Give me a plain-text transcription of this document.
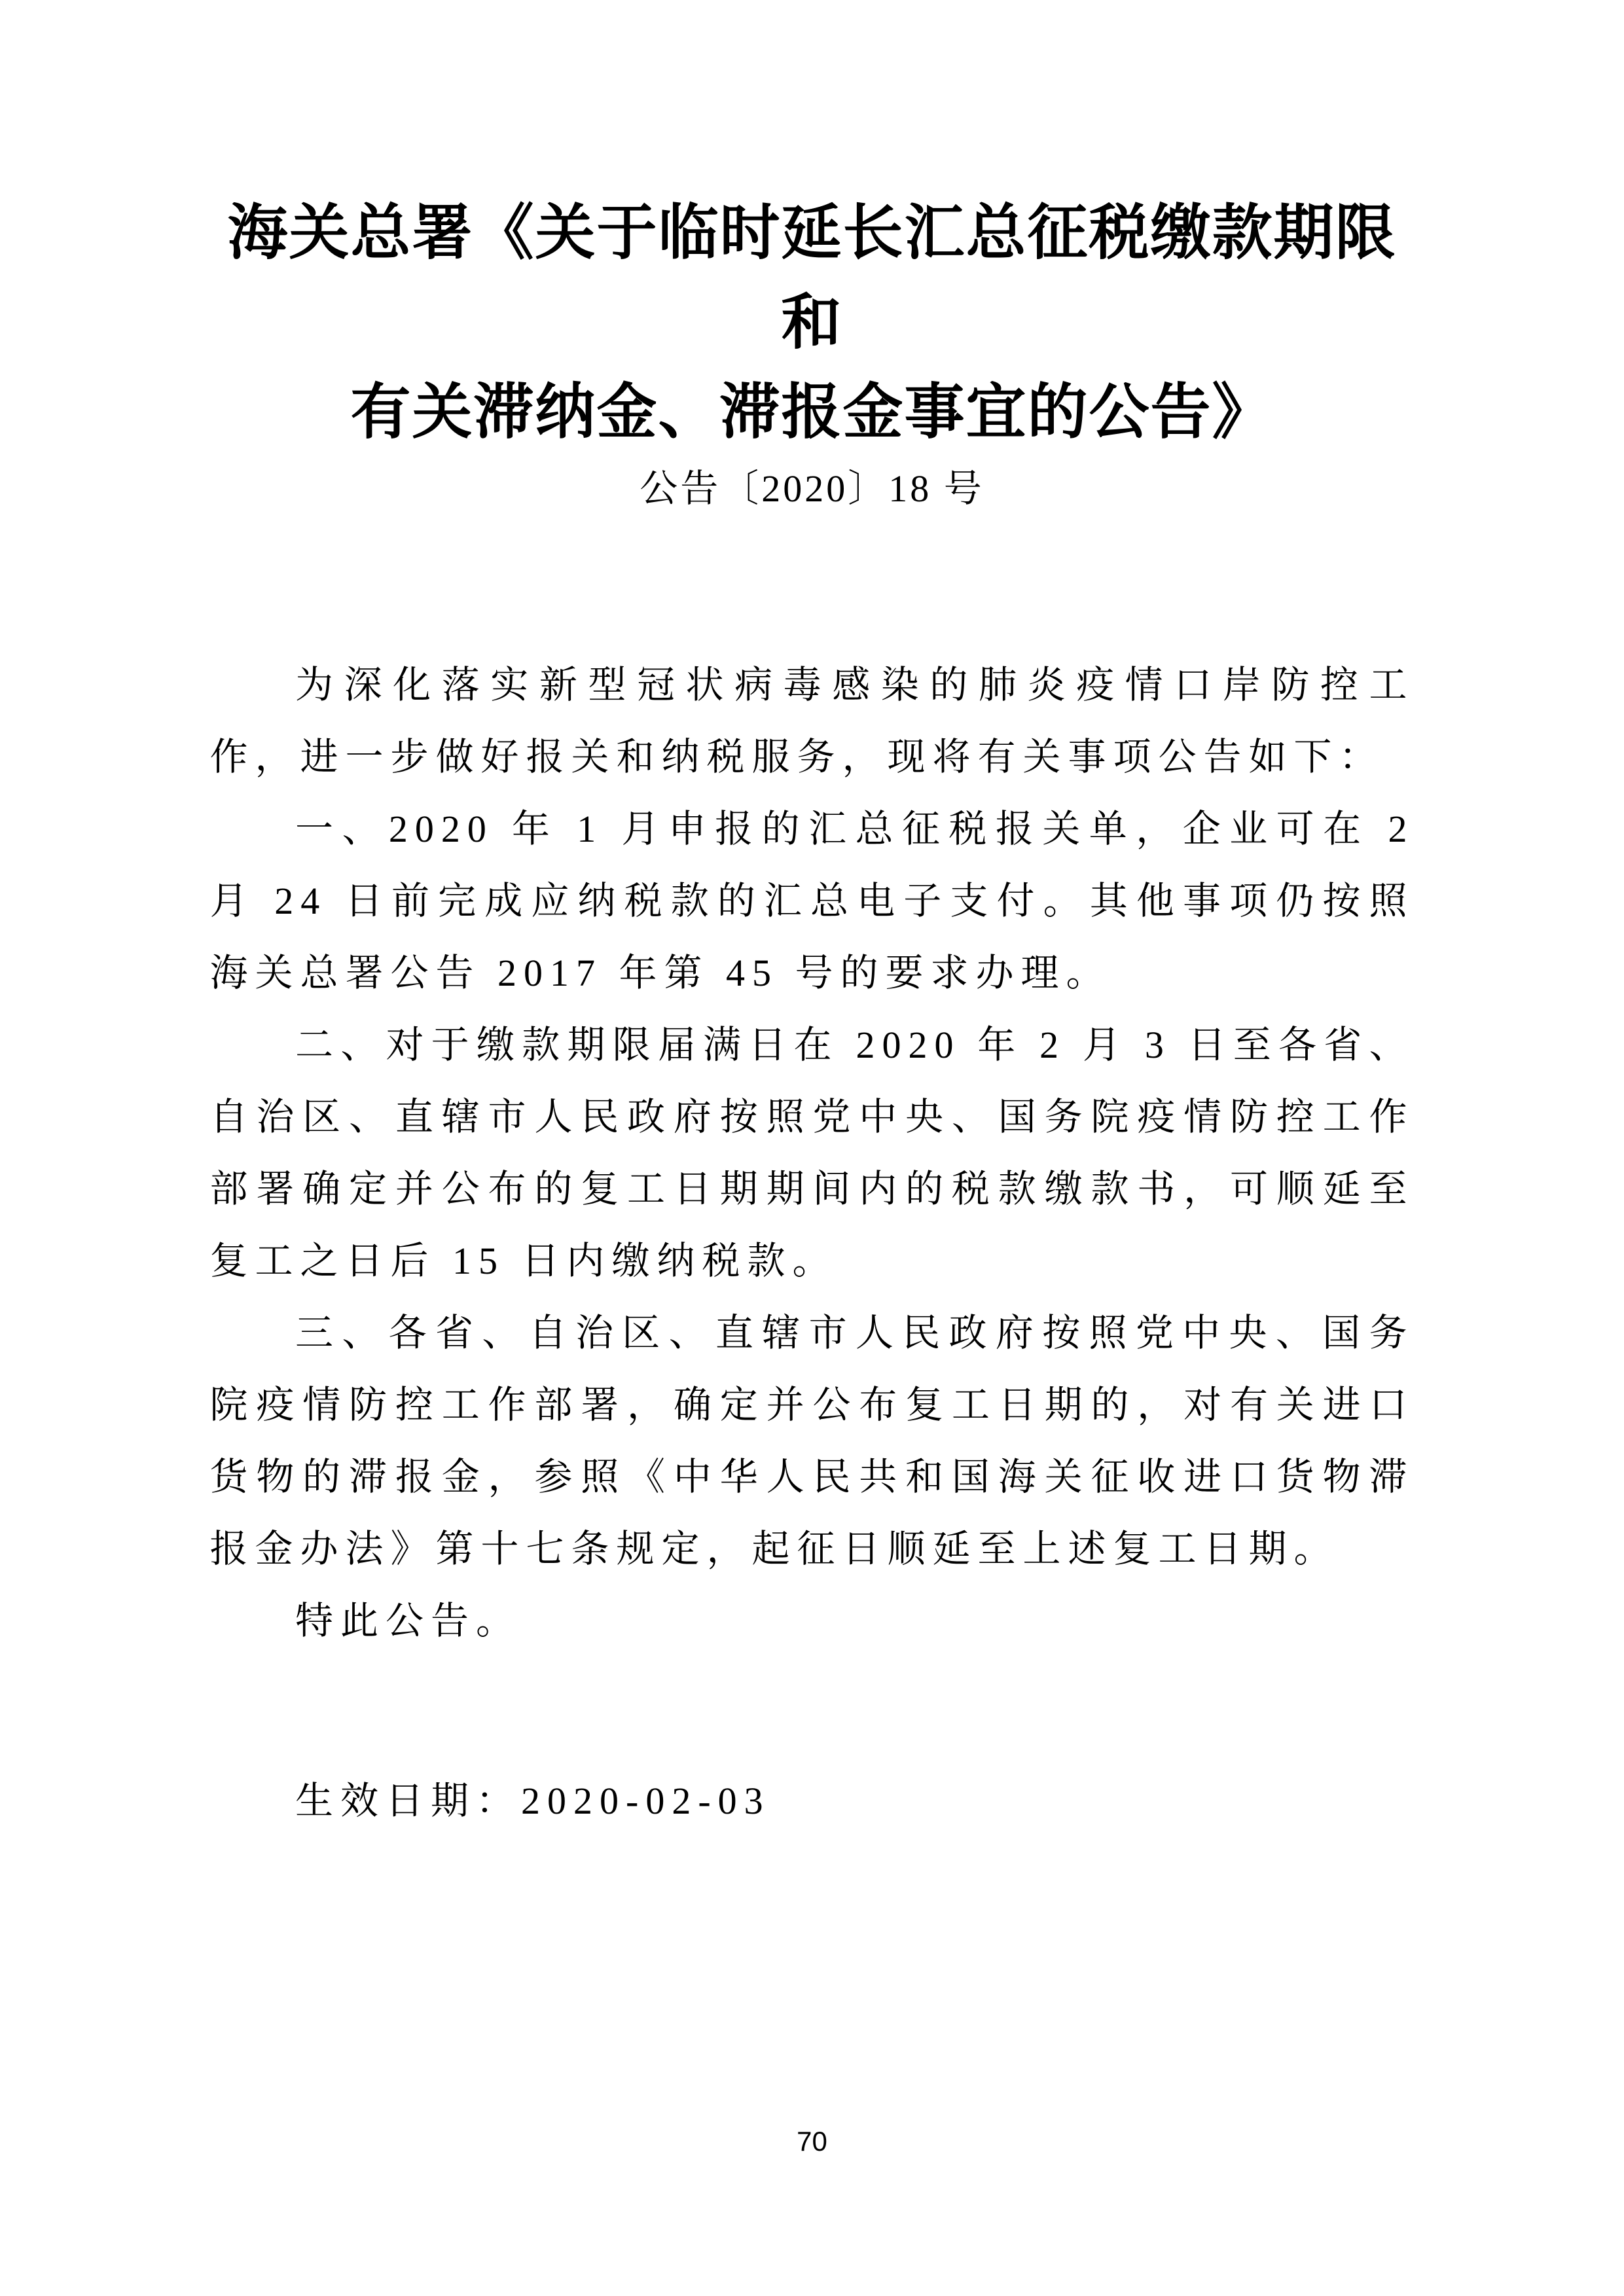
海关总署《关于临时延长汇总征税缴款期限和
有关滞纳金、滞报金事宜的公告》
公告〔2020〕18 号

为深化落实新型冠状病毒感染的肺炎疫情口岸防控工作，进一步做好报关和纳税服务，现将有关事项公告如下：

一、2020 年 1 月申报的汇总征税报关单，企业可在 2 月 24 日前完成应纳税款的汇总电子支付。其他事项仍按照海关总署公告 2017 年第 45 号的要求办理。

二、对于缴款期限届满日在 2020 年 2 月 3 日至各省、自治区、直辖市人民政府按照党中央、国务院疫情防控工作部署确定并公布的复工日期期间内的税款缴款书，可顺延至复工之日后 15 日内缴纳税款。

三、各省、自治区、直辖市人民政府按照党中央、国务院疫情防控工作部署，确定并公布复工日期的，对有关进口货物的滞报金，参照《中华人民共和国海关征收进口货物滞报金办法》第十七条规定，起征日顺延至上述复工日期。

特此公告。

生效日期：2020-02-03

70
